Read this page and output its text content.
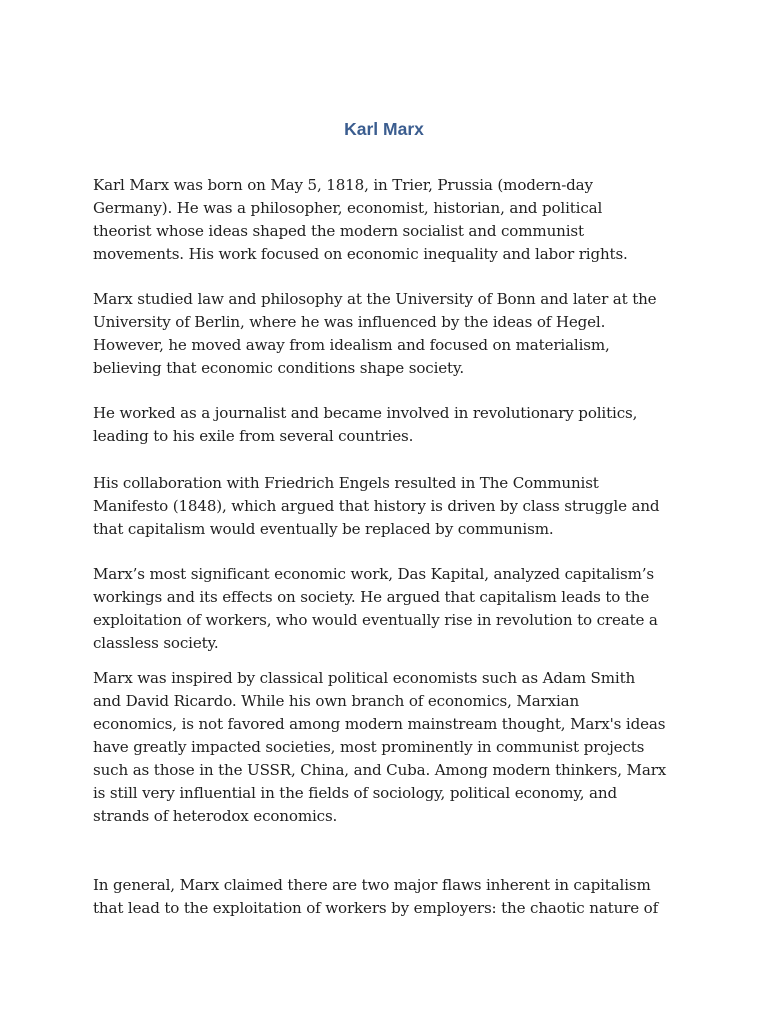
Karl Marx

Karl Marx was born on May 5, 1818, in Trier, Prussia (modern-day
Germany). He was a philosopher, economist, historian, and political
theorist whose ideas shaped the modern socialist and communist
movements. His work focused on economic inequality and labor rights.

Marx studied law and philosophy at the University of Bonn and later at the
University of Berlin, where he was influenced by the ideas of Hegel.
However, he moved away from idealism and focused on materialism,
believing that economic conditions shape society.

He worked as a journalist and became involved in revolutionary politics,
leading to his exile from several countries.

His collaboration with Friedrich Engels resulted in The Communist
Manifesto (1848), which argued that history is driven by class struggle and
that capitalism would eventually be replaced by communism.

Marx’s most significant economic work, Das Kapital, analyzed capitalism’s
workings and its effects on society. He argued that capitalism leads to the
exploitation of workers, who would eventually rise in revolution to create a
classless society.

Marx was inspired by classical political economists such as Adam Smith
and David Ricardo. While his own branch of economics, Marxian
economics, is not favored among modern mainstream thought, Marx's ideas
have greatly impacted societies, most prominently in communist projects
such as those in the USSR, China, and Cuba. Among modern thinkers, Marx
is still very influential in the fields of sociology, political economy, and
strands of heterodox economics.

In general, Marx claimed there are two major flaws inherent in capitalism
that lead to the exploitation of workers by employers: the chaotic nature of
